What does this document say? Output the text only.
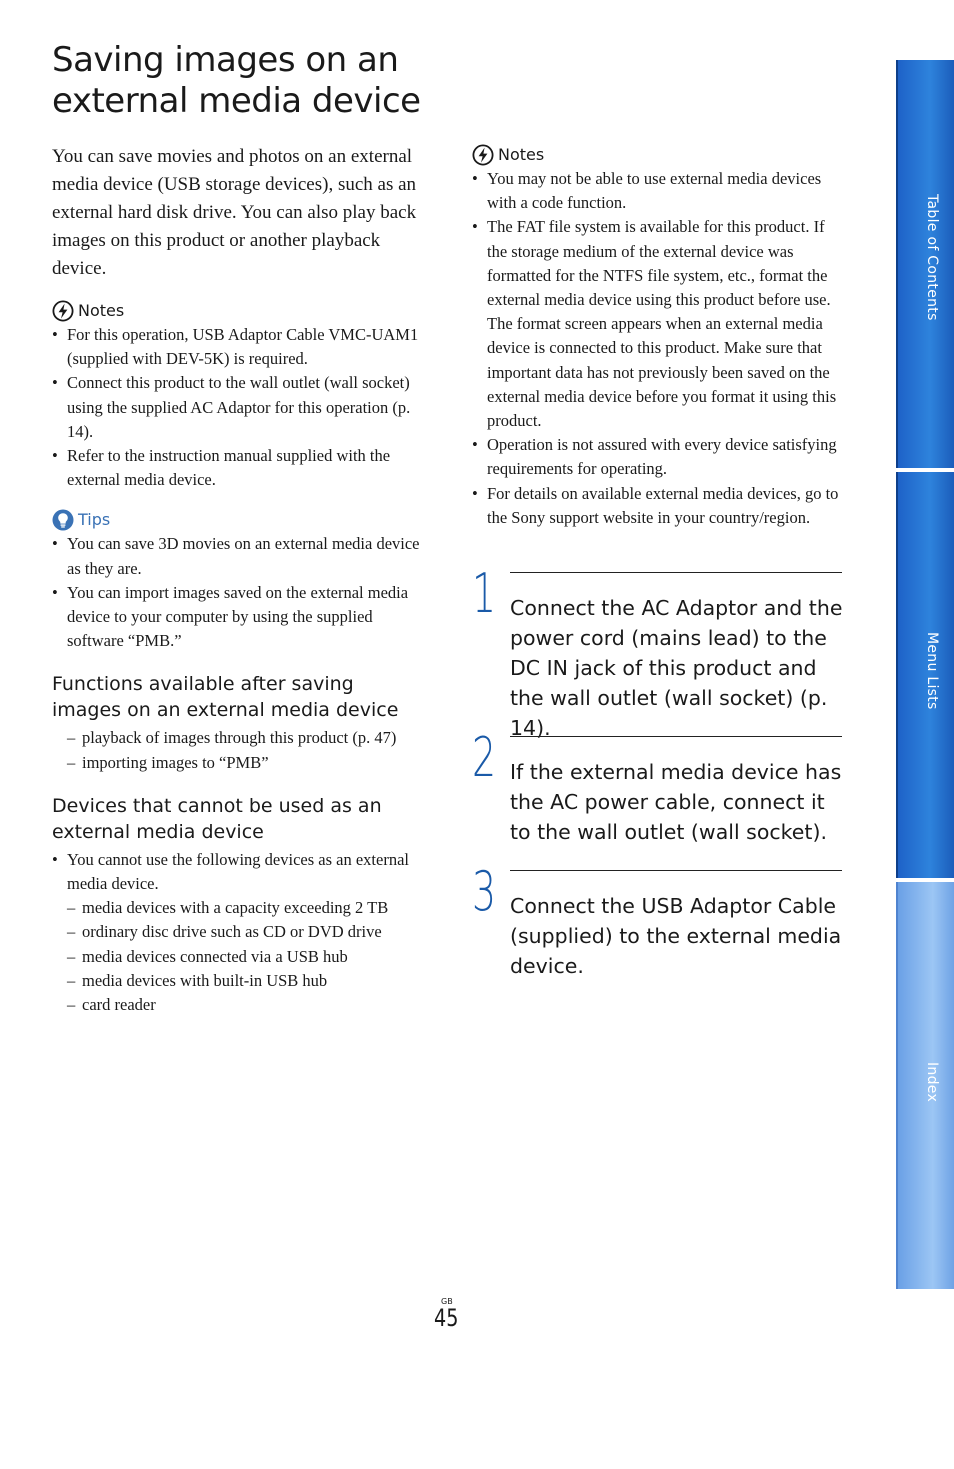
Saving images on an external media device

You can save movies and photos on an external media device (USB storage devices), such as an external hard disk drive. You can also play back images on this product or another playback device.

Notes
• For this operation, USB Adaptor Cable VMC-UAM1 (supplied with DEV-5K) is required.
• Connect this product to the wall outlet (wall socket) using the supplied AC Adaptor for this operation (p. 14).
• Refer to the instruction manual supplied with the external media device.
Tips
• You can save 3D movies on an external media device as they are.
• You can import images saved on the external media device to your computer by using the supplied software “PMB.”
Functions available after saving images on an external media device
– playback of images through this product (p. 47)
– importing images to “PMB”
Devices that cannot be used as an external media device
• You cannot use the following devices as an external media device.
– media devices with a capacity exceeding 2 TB
– ordinary disc drive such as CD or DVD drive
– media devices connected via a USB hub
– media devices with built-in USB hub
– card reader
Notes
• You may not be able to use external media devices with a code function.
• The FAT file system is available for this product. If the storage medium of the external device was formatted for the NTFS file system, etc., format the external media device using this product before use. The format screen appears when an external media device is connected to this product. Make sure that important data has not previously been saved on the external media device before you format it using this product.
• Operation is not assured with every device satisfying requirements for operating.
• For details on available external media devices, go to the Sony support website in your country/region.
1 Connect the AC Adaptor and the power cord (mains lead) to the DC IN jack of this product and the wall outlet (wall socket) (p. 14).
2 If the external media device has the AC power cable, connect it to the wall outlet (wall socket).
3 Connect the USB Adaptor Cable (supplied) to the external media device.
Table of Contents
Menu Lists
Index
GB
45
